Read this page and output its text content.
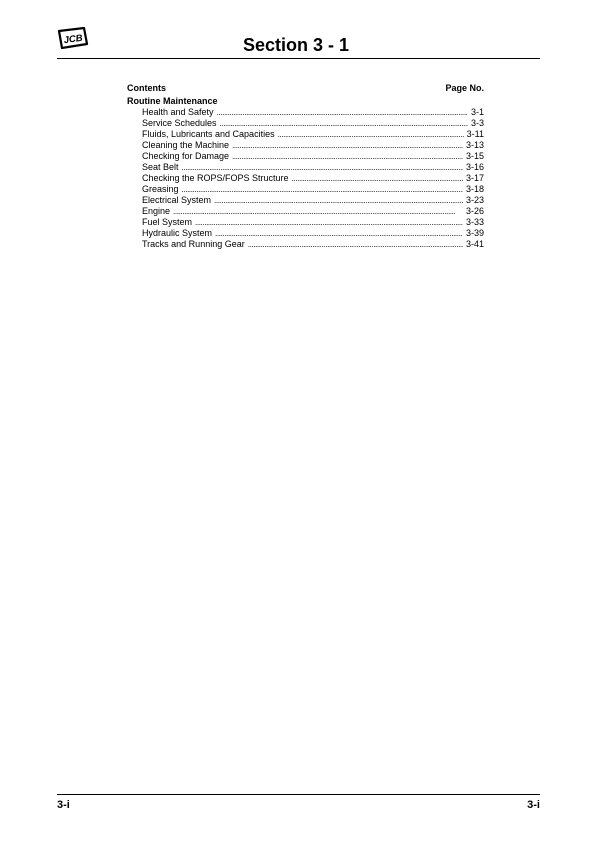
JCB	Section 3 - 1
Contents	Page No.
Routine Maintenance
Health and Safety . . .	3-1
Service Schedules . . .	3-3
Fluids, Lubricants and Capacities . . .	3-11
Cleaning the Machine . . .	3-13
Checking for Damage . . .	3-15
Seat Belt . . .	3-16
Checking the ROPS/FOPS Structure . . .	3-17
Greasing . . .	3-18
Electrical System . . .	3-23
Engine . . .	3-26
Fuel System . . .	3-33
Hydraulic System . . .	3-39
Tracks and Running Gear . . .	3-41
3-i	3-i
